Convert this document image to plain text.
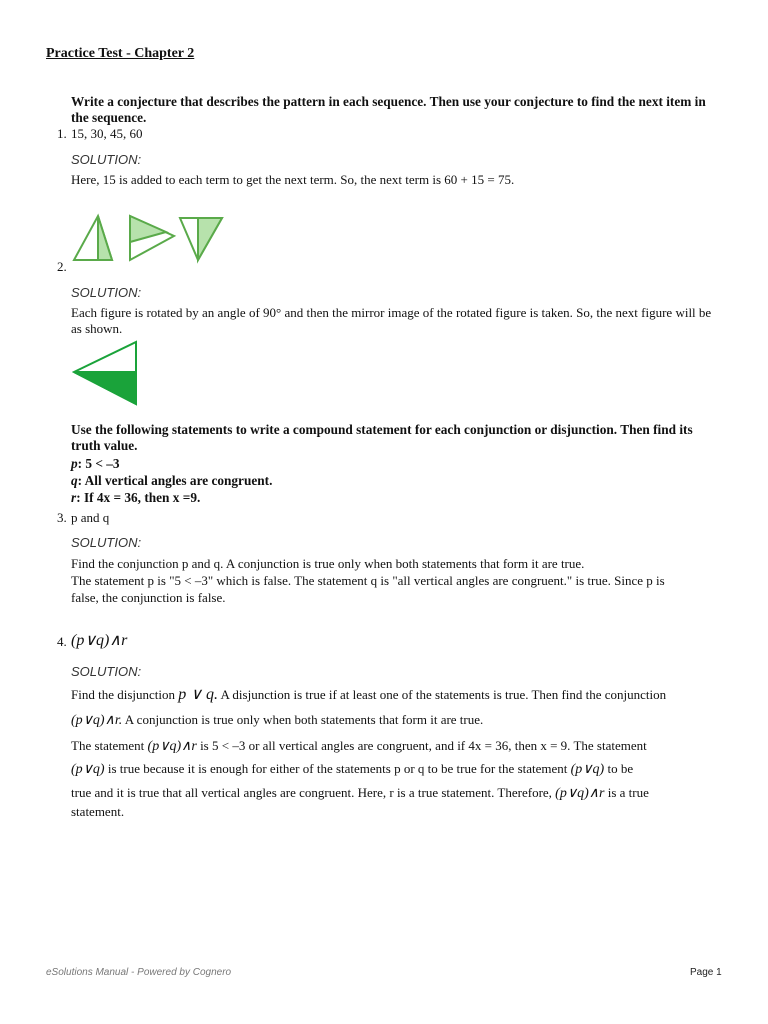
Practice Test - Chapter 2
Write a conjecture that describes the pattern in each sequence. Then use your conjecture to find the next item in the sequence.
1. 15, 30, 45, 60
SOLUTION:
Here, 15 is added to each term to get the next term. So, the next term is 60 + 15 = 75.
2.
SOLUTION:
Each figure is rotated by an angle of 90° and then the mirror image of the rotated figure is taken. So, the next figure will be as shown.
Use the following statements to write a compound statement for each conjunction or disjunction. Then find its truth value.
p: 5 < –3
q: All vertical angles are congruent.
r: If 4x = 36, then x =9.
3. p and q
SOLUTION:
Find the conjunction p and q. A conjunction is true only when both statements that form it are true.
The statement p is "5 < –3" which is false. The statement q is "all vertical angles are congruent." is true. Since p is
false, the conjunction is false.
4. (p∨q)∧r
SOLUTION:
Find the disjunction p ∨ q. A disjunction is true if at least one of the statements is true. Then find the conjunction
(p∨q)∧r. A conjunction is true only when both statements that form it are true.
The statement (p∨q)∧r is 5 < –3 or all vertical angles are congruent, and if 4x = 36, then x = 9. The statement
(p∨q) is true because it is enough for either of the statements p or q to be true for the statement (p∨q) to be
true and it is true that all vertical angles are congruent. Here, r is a true statement. Therefore, (p∨q)∧r is a true
statement.
eSolutions Manual - Powered by Cognero	Page 1
